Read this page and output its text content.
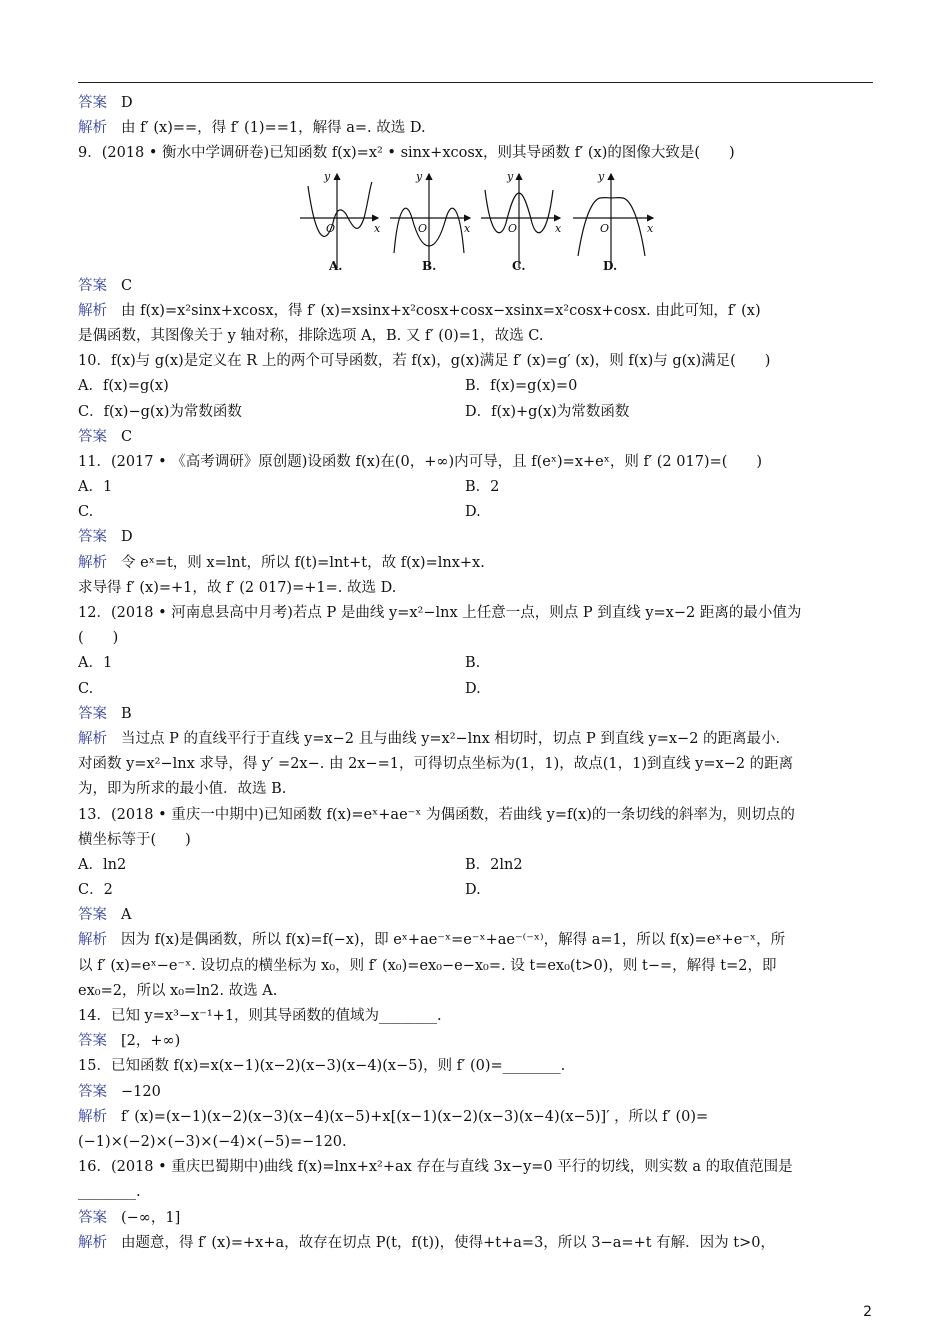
答案 D
解析 由 f′ (x)==，得 f′ (1)==1，解得 a=. 故选 D.
9．(2018 • 衡水中学调研卷)已知函数 f(x)=x² • sinx+xcosx，则其导函数 f′ (x)的图像大致是(　　)
y
x
O
y
x
O
y
x
O
y
x
O
A.	B.	C.	D.
答案 C
解析 由 f(x)=x²sinx+xcosx，得 f′ (x)=xsinx+x²cosx+cosx−xsinx=x²cosx+cosx. 由此可知，f′ (x)
是偶函数，其图像关于 y 轴对称，排除选项 A，B. 又 f′ (0)=1，故选 C.
10．f(x)与 g(x)是定义在 R 上的两个可导函数，若 f(x)，g(x)满足 f′ (x)=g′ (x)，则 f(x)与 g(x)满足(　　)
A．f(x)=g(x)	B．f(x)=g(x)=0
C．f(x)−g(x)为常数函数	D．f(x)+g(x)为常数函数
答案 C
11．(2017 • 《高考调研》原创题)设函数 f(x)在(0，+∞)内可导，且 f(eˣ)=x+eˣ，则 f′ (2 017)=(　　)
A．1	B．2
C.	D.
答案 D
解析 令 eˣ=t，则 x=lnt，所以 f(t)=lnt+t，故 f(x)=lnx+x.
求导得 f′ (x)=+1，故 f′ (2 017)=+1=. 故选 D.
12．(2018 • 河南息县高中月考)若点 P 是曲线 y=x²−lnx 上任意一点，则点 P 到直线 y=x−2 距离的最小值为
(　　)
A．1	B.
C.	D.
答案 B
解析 当过点 P 的直线平行于直线 y=x−2 且与曲线 y=x²−lnx 相切时，切点 P 到直线 y=x−2 的距离最小.
对函数 y=x²−lnx 求导，得 y′ =2x−. 由 2x−=1，可得切点坐标为(1，1)，故点(1，1)到直线 y=x−2 的距离
为，即为所求的最小值．故选 B.
13．(2018 • 重庆一中期中)已知函数 f(x)=eˣ+ae⁻ˣ 为偶函数，若曲线 y=f(x)的一条切线的斜率为，则切点的
横坐标等于(　　)
A．ln2	B．2ln2
C．2	D.
答案 A
解析 因为 f(x)是偶函数，所以 f(x)=f(−x)，即 eˣ+ae⁻ˣ=e⁻ˣ+ae⁻⁽⁻ˣ⁾，解得 a=1，所以 f(x)=eˣ+e⁻ˣ，所
以 f′ (x)=eˣ−e⁻ˣ. 设切点的横坐标为 x₀，则 f′ (x₀)=ex₀−e−x₀=. 设 t=ex₀(t>0)，则 t−=，解得 t=2，即
ex₀=2，所以 x₀=ln2. 故选 A.
14．已知 y=x³−x⁻¹+1，则其导函数的值域为________.
答案 [2，+∞)
15．已知函数 f(x)=x(x−1)(x−2)(x−3)(x−4)(x−5)，则 f′ (0)=________.
答案 −120
解析 f′ (x)=(x−1)(x−2)(x−3)(x−4)(x−5)+x[(x−1)(x−2)(x−3)(x−4)(x−5)]′ ，所以 f′ (0)=
(−1)×(−2)×(−3)×(−4)×(−5)=−120.
16．(2018 • 重庆巴蜀期中)曲线 f(x)=lnx+x²+ax 存在与直线 3x−y=0 平行的切线，则实数 a 的取值范围是
________.
答案 (−∞，1]
解析 由题意，得 f′ (x)=+x+a，故存在切点 P(t，f(t))，使得+t+a=3，所以 3−a=+t 有解．因为 t>0，
2
